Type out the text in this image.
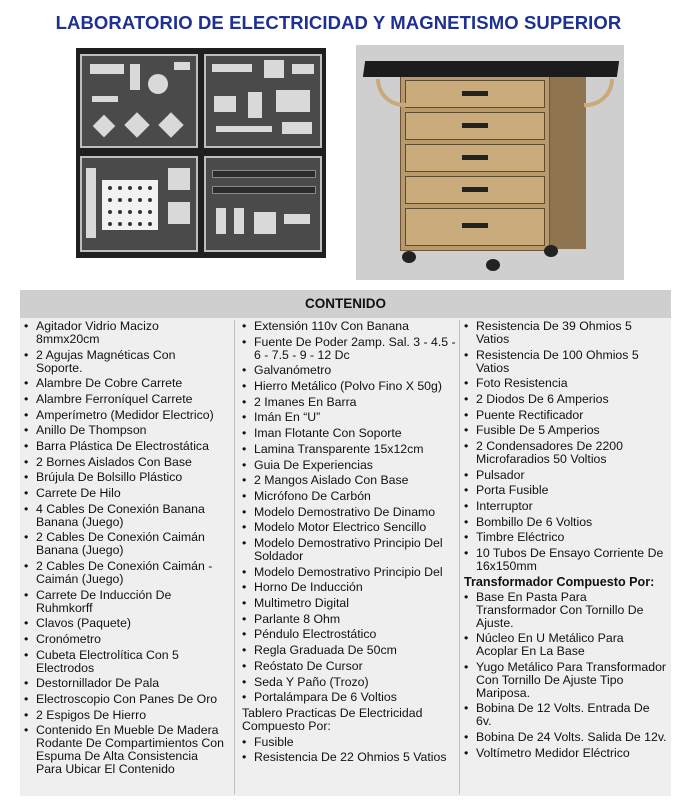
LABORATORIO DE ELECTRICIDAD Y MAGNETISMO SUPERIOR
CONTENIDO
• Agitador Vidrio Macizo 8mmx20cm
• 2 Agujas Magnéticas Con Soporte.
• Alambre De Cobre Carrete
• Alambre Ferroníquel Carrete
• Amperímetro (Medidor Electrico)
• Anillo De Thompson
• Barra Plástica De Electrostática
• 2 Bornes Aislados Con Base
• Brújula De Bolsillo Plástico
• Carrete De Hilo
• 4 Cables De Conexión Banana Banana (Juego)
• 2 Cables De Conexión Caimán Banana (Juego)
• 2 Cables De Conexión Caimán - Caimán (Juego)
• Carrete De Inducción De Ruhmkorff
• Clavos (Paquete)
• Cronómetro
• Cubeta Electrolítica Con 5 Electrodos
• Destornillador De Pala
• Electroscopio Con Panes De Oro
• 2 Espigos De Hierro
• Contenido En Mueble De Madera Rodante De Compartimientos Con Espuma De Alta Consistencia Para Ubicar El Contenido
• Extensión 110v Con Banana
• Fuente De Poder 2amp. Sal. 3 - 4.5 - 6 - 7.5 - 9 - 12 Dc
• Galvanómetro
• Hierro Metálico (Polvo Fino X 50g)
• 2 Imanes En Barra
• Imán En “U”
• Iman Flotante Con Soporte
• Lamina Transparente 15x12cm
• Guia De Experiencias
• 2 Mangos Aislado Con Base
• Micrófono De Carbón
• Modelo Demostrativo De Dinamo
• Modelo Motor Electrico Sencillo
• Modelo Demostrativo Principio Del Soldador
• Modelo Demostrativo Principio Del
• Horno De Inducción
• Multimetro Digital
• Parlante 8 Ohm
• Péndulo Electrostático
• Regla Graduada De 50cm
• Reóstato De Cursor
• Seda Y Paño (Trozo)
• Portalámpara De 6 Voltios
Tablero Practicas De Electricidad Compuesto Por:
• Fusible
• Resistencia De 22 Ohmios 5 Vatios
• Resistencia De 39 Ohmios 5 Vatios
• Resistencia De 100 Ohmios 5 Vatios
• Foto Resistencia
• 2 Diodos De 6 Amperios
• Puente Rectificador
• Fusible De 5 Amperios
• 2 Condensadores De 2200 Microfaradios 50 Voltios
• Pulsador
• Porta Fusible
• Interruptor
• Bombillo De 6 Voltios
• Timbre Eléctrico
• 10 Tubos De Ensayo Corriente De 16x150mm
Transformador Compuesto Por:
• Base En Pasta Para Transformador Con Tornillo De Ajuste.
• Núcleo En U Metálico Para Acoplar En La Base
• Yugo Metálico Para Transformador Con Tornillo De Ajuste Tipo Mariposa.
• Bobina De 12 Volts. Entrada De 6v.
• Bobina De 24 Volts. Salida De 12v.
• Voltímetro Medidor Eléctrico
